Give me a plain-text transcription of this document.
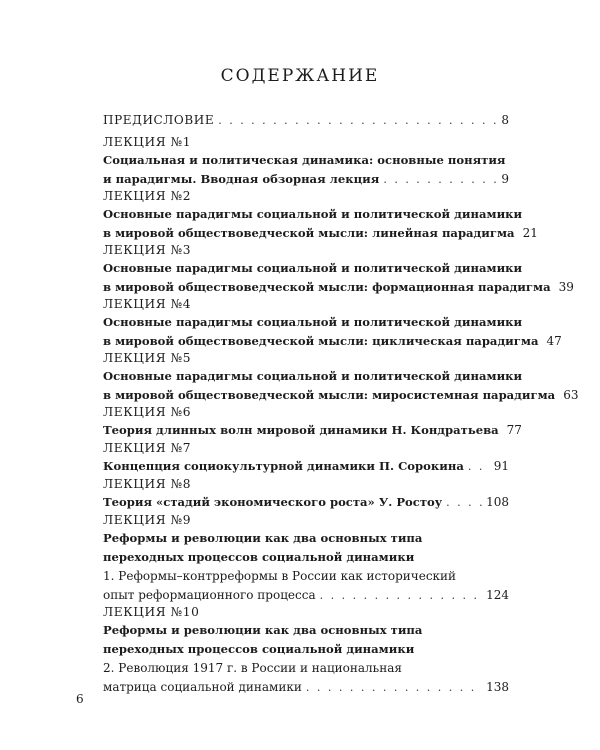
СОДЕРЖАНИЕ
ПРЕДИСЛОВИЕ . . .	8
ЛЕКЦИЯ №1
Социальная и политическая динамика: основные понятия
и парадигмы. Вводная обзорная лекция . . .	9
ЛЕКЦИЯ №2
Основные парадигмы социальной и политической динамики
в мировой обществоведческой мысли: линейная парадигма 21
ЛЕКЦИЯ №3
Основные парадигмы социальной и политической динамики
в мировой обществоведческой мысли: формационная парадигма 39
ЛЕКЦИЯ №4
Основные парадигмы социальной и политической динамики
в мировой обществоведческой мысли: циклическая парадигма 47
ЛЕКЦИЯ №5
Основные парадигмы социальной и политической динамики
в мировой обществоведческой мысли: миросистемная парадигма 63
ЛЕКЦИЯ №6
Теория длинных волн мировой динамики Н. Кондратьева 77
ЛЕКЦИЯ №7
Концепция социокультурной динамики П. Сорокина . . . 91
ЛЕКЦИЯ №8
Теория «стадий экономического роста» У. Ростоу . . .	108
ЛЕКЦИЯ №9
Реформы и революции как два основных типа
переходных процессов социальной динамики
1. Реформы–контрреформы в России как исторический
опыт реформационного процесса . . .	124
ЛЕКЦИЯ №10
Реформы и революции как два основных типа
переходных процессов социальной динамики
2. Революция 1917 г. в России и национальная
матрица социальной динамики . . .	138
6
